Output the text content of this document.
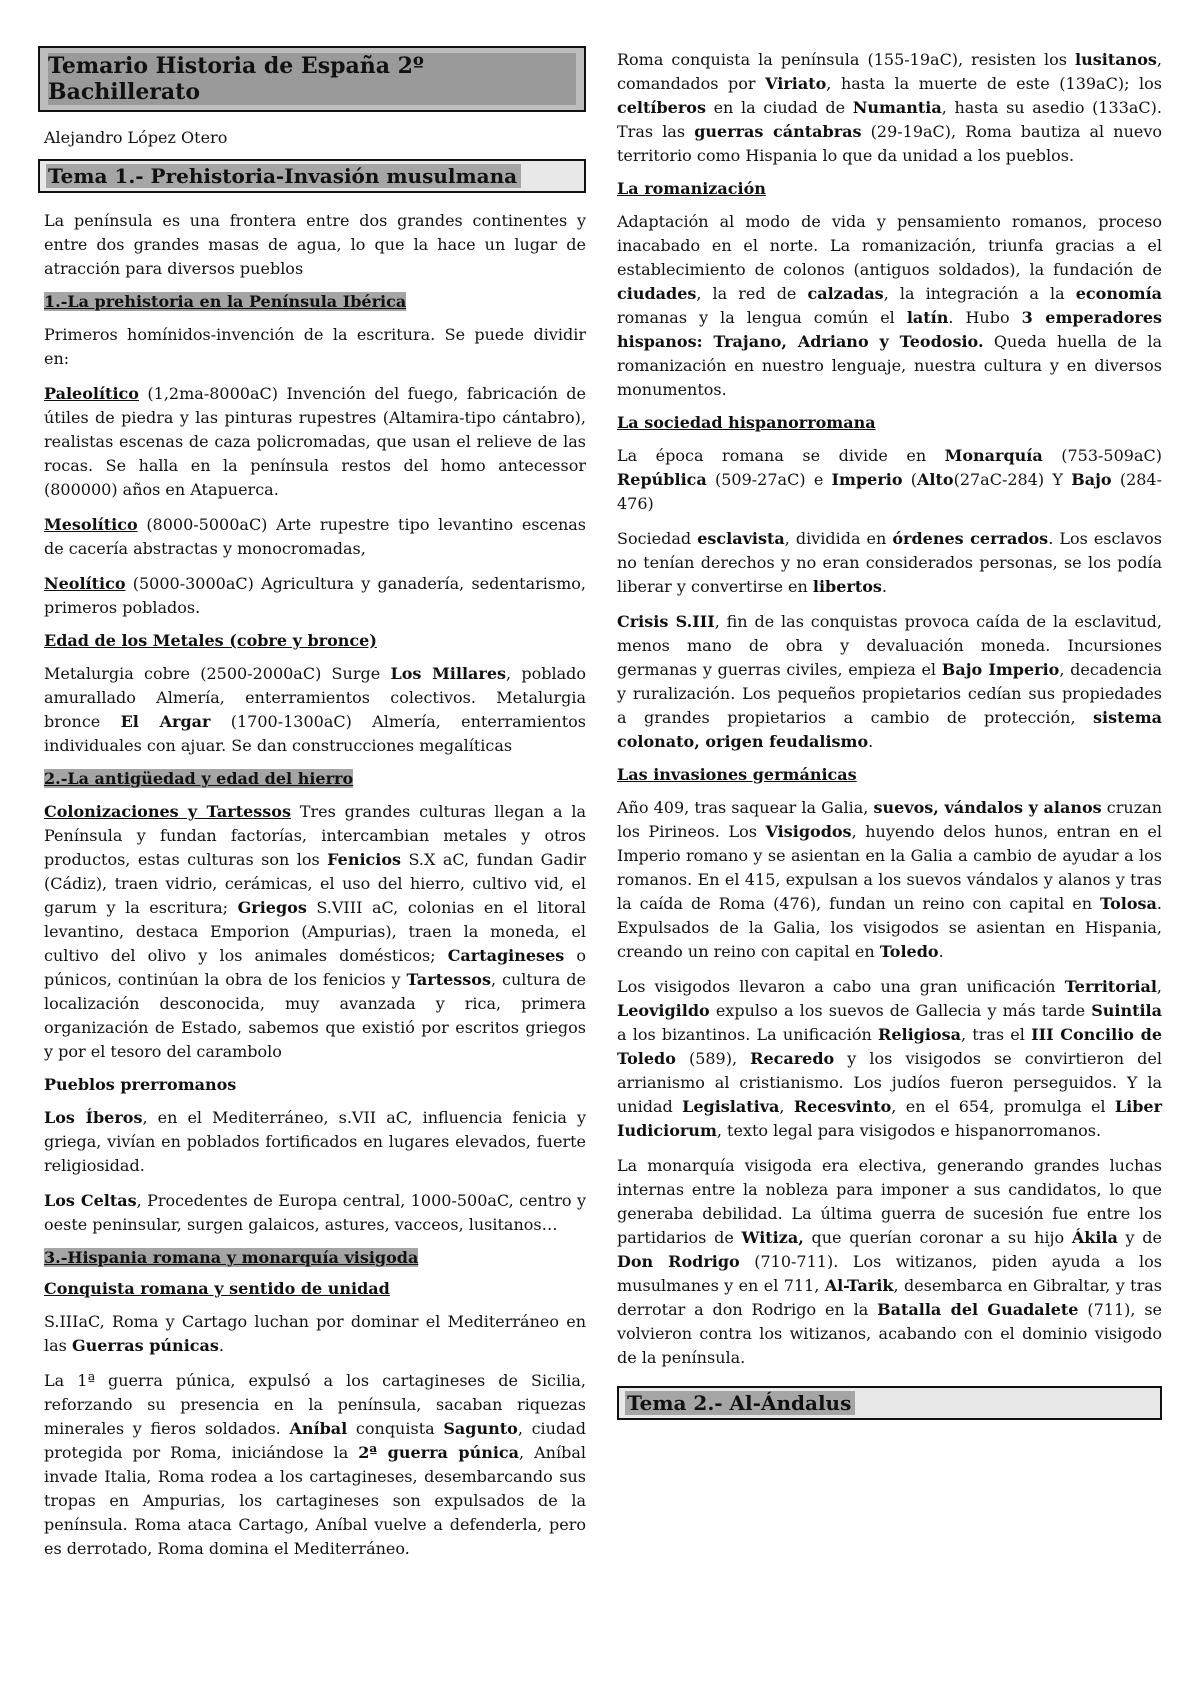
Temario Historia de España 2º Bachillerato
Alejandro López Otero
Tema 1.- Prehistoria-Invasión musulmana

La península es una frontera entre dos grandes continentes y entre dos grandes masas de agua, lo que la hace un lugar de atracción para diversos pueblos

1.-La prehistoria en la Península Ibérica

Primeros homínidos-invención de la escritura. Se puede dividir en:

Paleolítico (1,2ma-8000aC) Invención del fuego, fabricación de útiles de piedra y las pinturas rupestres (Altamira-tipo cántabro), realistas escenas de caza policromadas, que usan el relieve de las rocas. Se halla en la península restos del homo antecessor (800000) años en Atapuerca.

Mesolítico (8000-5000aC) Arte rupestre tipo levantino escenas de cacería abstractas y monocromadas,

Neolítico (5000-3000aC) Agricultura y ganadería, sedentarismo, primeros poblados.

Edad de los Metales (cobre y bronce)

Metalurgia cobre (2500-2000aC) Surge Los Millares, poblado amurallado Almería, enterramientos colectivos. Metalurgia bronce El Argar (1700-1300aC) Almería, enterramientos individuales con ajuar. Se dan construcciones megalíticas

2.-La antigüedad y edad del hierro

Colonizaciones y Tartessos Tres grandes culturas llegan a la Península y fundan factorías, intercambian metales y otros productos, estas culturas son los Fenicios S.X aC, fundan Gadir (Cádiz), traen vidrio, cerámicas, el uso del hierro, cultivo vid, el garum y la escritura; Griegos S.VIII aC, colonias en el litoral levantino, destaca Emporion (Ampurias), traen la moneda, el cultivo del olivo y los animales domésticos; Cartagineses o púnicos, continúan la obra de los fenicios y Tartessos, cultura de localización desconocida, muy avanzada y rica, primera organización de Estado, sabemos que existió por escritos griegos y por el tesoro del carambolo

Pueblos prerromanos

Los Íberos, en el Mediterráneo, s.VII aC, influencia fenicia y griega, vivían en poblados fortificados en lugares elevados, fuerte religiosidad.

Los Celtas, Procedentes de Europa central, 1000-500aC, centro y oeste peninsular, surgen galaicos, astures, vacceos, lusitanos…

3.-Hispania romana y monarquía visigoda
Conquista romana y sentido de unidad

S.IIIaC, Roma y Cartago luchan por dominar el Mediterráneo en las Guerras púnicas.

La 1ª guerra púnica, expulsó a los cartagineses de Sicilia, reforzando su presencia en la península, sacaban riquezas minerales y fieros soldados. Aníbal conquista Sagunto, ciudad protegida por Roma, iniciándose la 2ª guerra púnica, Aníbal invade Italia, Roma rodea a los cartagineses, desembarcando sus tropas en Ampurias, los cartagineses son expulsados de la península. Roma ataca Cartago, Aníbal vuelve a defenderla, pero es derrotado, Roma domina el Mediterráneo.

Roma conquista la península (155-19aC), resisten los lusitanos, comandados por Viriato, hasta la muerte de este (139aC); los celtíberos en la ciudad de Numantia, hasta su asedio (133aC). Tras las guerras cántabras (29-19aC), Roma bautiza al nuevo territorio como Hispania lo que da unidad a los pueblos.

La romanización

Adaptación al modo de vida y pensamiento romanos, proceso inacabado en el norte. La romanización, triunfa gracias a el establecimiento de colonos (antiguos soldados), la fundación de ciudades, la red de calzadas, la integración a la economía romanas y la lengua común el latín. Hubo 3 emperadores hispanos: Trajano, Adriano y Teodosio. Queda huella de la romanización en nuestro lenguaje, nuestra cultura y en diversos monumentos.

La sociedad hispanorromana

La época romana se divide en Monarquía (753-509aC) República (509-27aC) e Imperio (Alto(27aC-284) Y Bajo (284-476)

Sociedad esclavista, dividida en órdenes cerrados. Los esclavos no tenían derechos y no eran considerados personas, se los podía liberar y convertirse en libertos.

Crisis S.III, fin de las conquistas provoca caída de la esclavitud, menos mano de obra y devaluación moneda. Incursiones germanas y guerras civiles, empieza el Bajo Imperio, decadencia y ruralización. Los pequeños propietarios cedían sus propiedades a grandes propietarios a cambio de protección, sistema colonato, origen feudalismo.

Las invasiones germánicas

Año 409, tras saquear la Galia, suevos, vándalos y alanos cruzan los Pirineos. Los Visigodos, huyendo delos hunos, entran en el Imperio romano y se asientan en la Galia a cambio de ayudar a los romanos. En el 415, expulsan a los suevos vándalos y alanos y tras la caída de Roma (476), fundan un reino con capital en Tolosa. Expulsados de la Galia, los visigodos se asientan en Hispania, creando un reino con capital en Toledo.

Los visigodos llevaron a cabo una gran unificación Territorial, Leovigildo expulso a los suevos de Gallecia y más tarde Suintila a los bizantinos. La unificación Religiosa, tras el III Concilio de Toledo (589), Recaredo y los visigodos se convirtieron del arrianismo al cristianismo. Los judíos fueron perseguidos. Y la unidad Legislativa, Recesvinto, en el 654, promulga el Liber Iudiciorum, texto legal para visigodos e hispanorromanos.

La monarquía visigoda era electiva, generando grandes luchas internas entre la nobleza para imponer a sus candidatos, lo que generaba debilidad. La última guerra de sucesión fue entre los partidarios de Witiza, que querían coronar a su hijo Ákila y de Don Rodrigo (710-711). Los witizanos, piden ayuda a los musulmanes y en el 711, Al-Tarik, desembarca en Gibraltar, y tras derrotar a don Rodrigo en la Batalla del Guadalete (711), se volvieron contra los witizanos, acabando con el dominio visigodo de la península.

Tema 2.- Al-Ándalus
